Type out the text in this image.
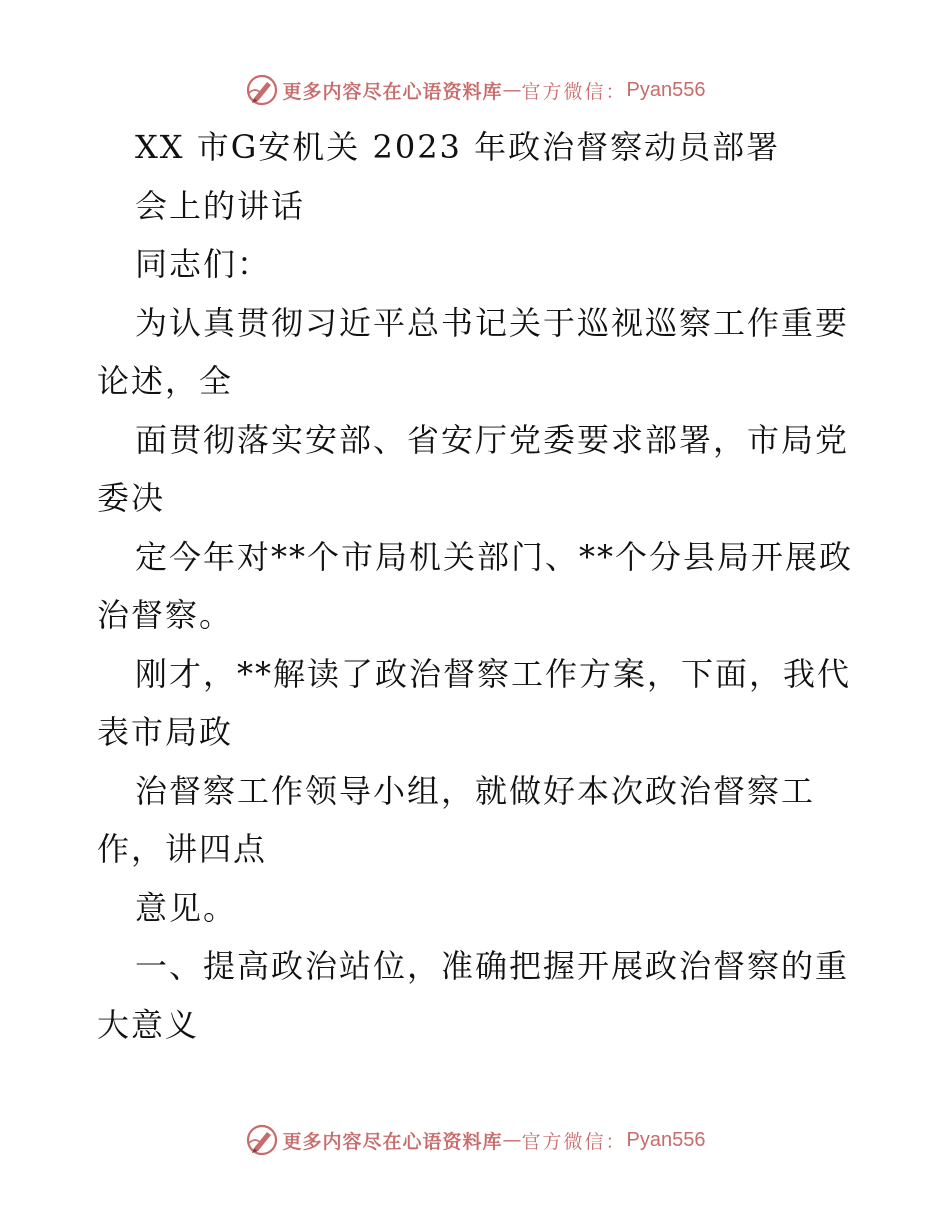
更多内容尽在心语资料库 — 官方微信： Pyan556
XX 市G安机关 2023 年政治督察动员部署
会上的讲话
同志们：
为认真贯彻习近平总书记关于巡视巡察工作重要
论述，全
面贯彻落实安部、省安厅党委要求部署，市局党
委决
定今年对**个市局机关部门、**个分县局开展政
治督察。
刚才，**解读了政治督察工作方案，下面，我代
表市局政
治督察工作领导小组，就做好本次政治督察工
作，讲四点
意见。
一、提高政治站位，准确把握开展政治督察的重
大意义
更多内容尽在心语资料库 — 官方微信： Pyan556
